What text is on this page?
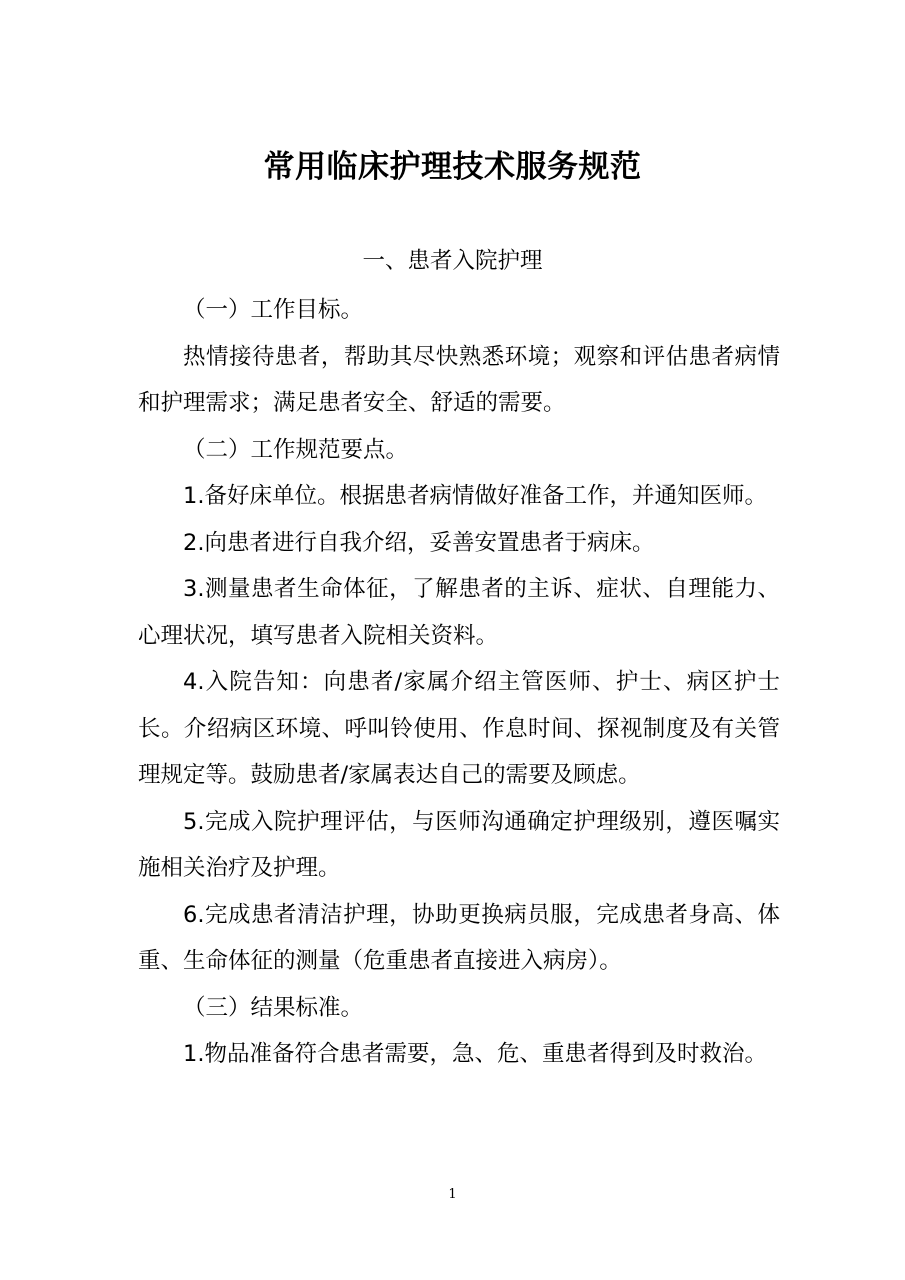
常用临床护理技术服务规范
一、患者入院护理

（一）工作目标。

热情接待患者，帮助其尽快熟悉环境；观察和评估患者病情和护理需求；满足患者安全、舒适的需要。

（二）工作规范要点。

1.备好床单位。根据患者病情做好准备工作，并通知医师。

2.向患者进行自我介绍，妥善安置患者于病床。

3.测量患者生命体征，了解患者的主诉、症状、自理能力、心理状况，填写患者入院相关资料。

4.入院告知：向患者/家属介绍主管医师、护士、病区护士长。介绍病区环境、呼叫铃使用、作息时间、探视制度及有关管理规定等。鼓励患者/家属表达自己的需要及顾虑。

5.完成入院护理评估，与医师沟通确定护理级别，遵医嘱实施相关治疗及护理。

6.完成患者清洁护理，协助更换病员服，完成患者身高、体重、生命体征的测量（危重患者直接进入病房）。

（三）结果标准。

1.物品准备符合患者需要，急、危、重患者得到及时救治。

1
